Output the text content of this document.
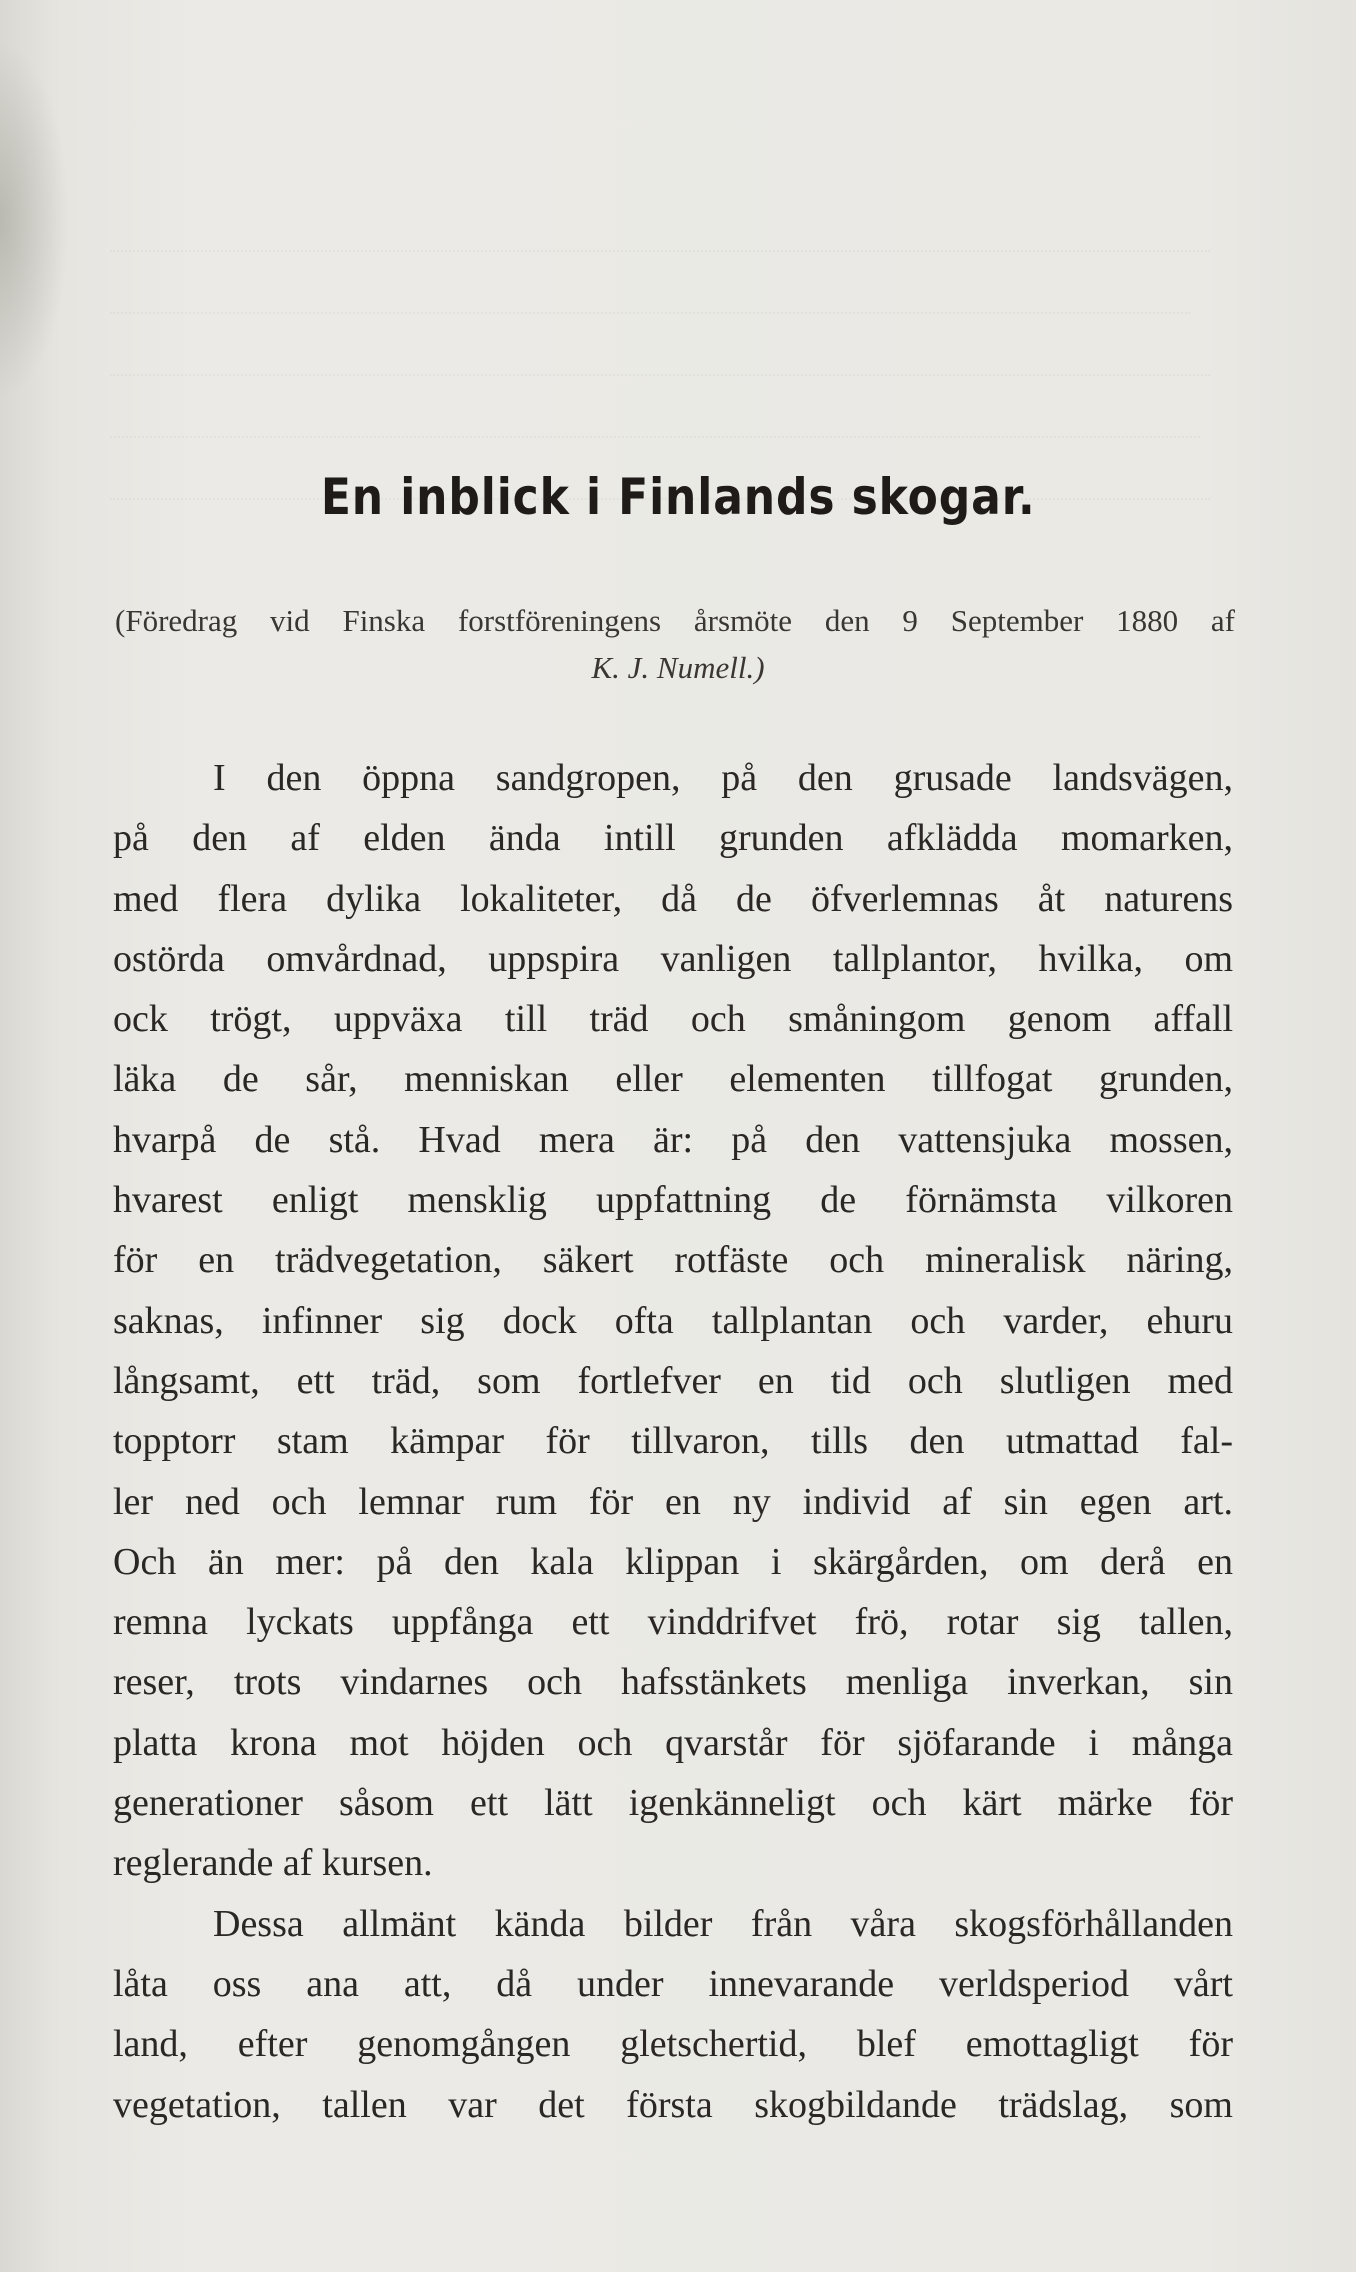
En inblick i Finlands skogar.
(Föredrag vid Finska forstföreningens årsmöte den 9 September 1880 af
K. J. Numell.)
I den öppna sandgropen, på den grusade landsvägen,
på den af elden ända intill grunden afklädda momarken,
med flera dylika lokaliteter, då de öfverlemnas åt naturens
ostörda omvårdnad, uppspira vanligen tallplantor, hvilka, om
ock trögt, uppväxa till träd och småningom genom affall
läka de sår, menniskan eller elementen tillfogat grunden,
hvarpå de stå. Hvad mera är: på den vattensjuka mossen,
hvarest enligt mensklig uppfattning de förnämsta vilkoren
för en trädvegetation, säkert rotfäste och mineralisk näring,
saknas, infinner sig dock ofta tallplantan och varder, ehuru
långsamt, ett träd, som fortlefver en tid och slutligen med
topptorr stam kämpar för tillvaron, tills den utmattad fal-
ler ned och lemnar rum för en ny individ af sin egen art.
Och än mer: på den kala klippan i skärgården, om derå en
remna lyckats uppfånga ett vinddrifvet frö, rotar sig tallen,
reser, trots vindarnes och hafsstänkets menliga inverkan, sin
platta krona mot höjden och qvarstår för sjöfarande i många
generationer såsom ett lätt igenkänneligt och kärt märke för
reglerande af kursen.
Dessa allmänt kända bilder från våra skogsförhållanden
låta oss ana att, då under innevarande verldsperiod vårt
land, efter genomgången gletschertid, blef emottagligt för
vegetation, tallen var det första skogbildande trädslag, som
